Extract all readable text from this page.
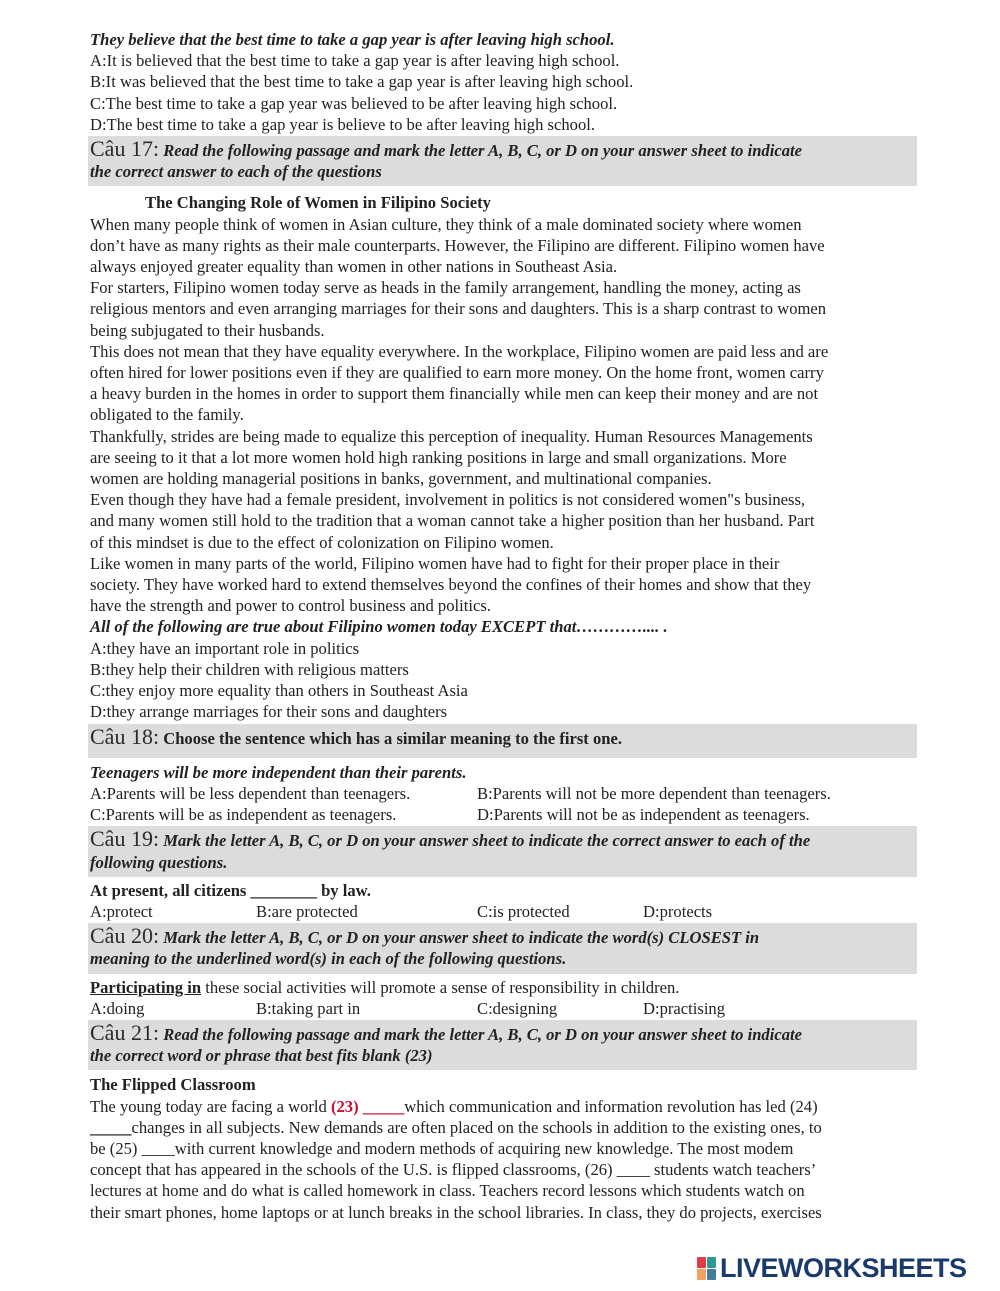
They believe that the best time to take a gap year is after leaving high school.
A:It is believed that the best time to take a gap year is after leaving high school.
B:It was believed that the best time to take a gap year is after leaving high school.
C:The best time to take a gap year was believed to be after leaving high school.
D:The best time to take a gap year is believe to be after leaving high school.
Câu 17: Read the following passage and mark the letter A, B, C, or D on your answer sheet to indicate
the correct answer to each of the questions
The Changing Role of Women in Filipino Society
When many people think of women in Asian culture, they think of a male dominated society where women
don’t have as many rights as their male counterparts. However, the Filipino are different. Filipino women have
always enjoyed greater equality than women in other nations in Southeast Asia.
For starters, Filipino women today serve as heads in the family arrangement, handling the money, acting as
religious mentors and even arranging marriages for their sons and daughters. This is a sharp contrast to women
being subjugated to their husbands.
This does not mean that they have equality everywhere. In the workplace, Filipino women are paid less and are
often hired for lower positions even if they are qualified to earn more money. On the home front, women carry
a heavy burden in the homes in order to support them financially while men can keep their money and are not
obligated to the family.
Thankfully, strides are being made to equalize this perception of inequality. Human Resources Managements
are seeing to it that a lot more women hold high ranking positions in large and small organizations. More
women are holding managerial positions in banks, government, and multinational companies.
Even though they have had a female president, involvement in politics is not considered women"s business,
and many women still hold to the tradition that a woman cannot take a higher position than her husband. Part
of this mindset is due to the effect of colonization on Filipino women.
Like women in many parts of the world, Filipino women have had to fight for their proper place in their
society. They have worked hard to extend themselves beyond the confines of their homes and show that they
have the strength and power to control business and politics.
All of the following are true about Filipino women today EXCEPT that………….... .
A:they have an important role in politics
B:they help their children with religious matters
C:they enjoy more equality than others in Southeast Asia
D:they arrange marriages for their sons and daughters
Câu 18: Choose the sentence which has a similar meaning to the first one.
Teenagers will be more independent than their parents.
A:Parents will be less dependent than teenagers.	B:Parents will not be more dependent than teenagers.
C:Parents will be as independent as teenagers.	D:Parents will not be as independent as teenagers.
Câu 19: Mark the letter A, B, C, or D on your answer sheet to indicate the correct answer to each of the
following questions.
At present, all citizens ________ by law.
A:protect	B:are protected	C:is protected	D:protects
Câu 20: Mark the letter A, B, C, or D on your answer sheet to indicate the word(s) CLOSEST in
meaning to the underlined word(s) in each of the following questions.
Participating in these social activities will promote a sense of responsibility in children.
A:doing	B:taking part in	C:designing	D:practising
Câu 21: Read the following passage and mark the letter A, B, C, or D on your answer sheet to indicate
the correct word or phrase that best fits blank (23)
The Flipped Classroom
The young today are facing a world (23) _____which communication and information revolution has led (24)
_____changes in all subjects. New demands are often placed on the schools in addition to the existing ones, to
be (25) ____with current knowledge and modern methods of acquiring new knowledge. The most modem
concept that has appeared in the schools of the U.S. is flipped classrooms, (26) ____ students watch teachers’
lectures at home and do what is called homework in class. Teachers record lessons which students watch on
their smart phones, home laptops or at lunch breaks in the school libraries. In class, they do projects, exercises
LIVEWORKSHEETS
